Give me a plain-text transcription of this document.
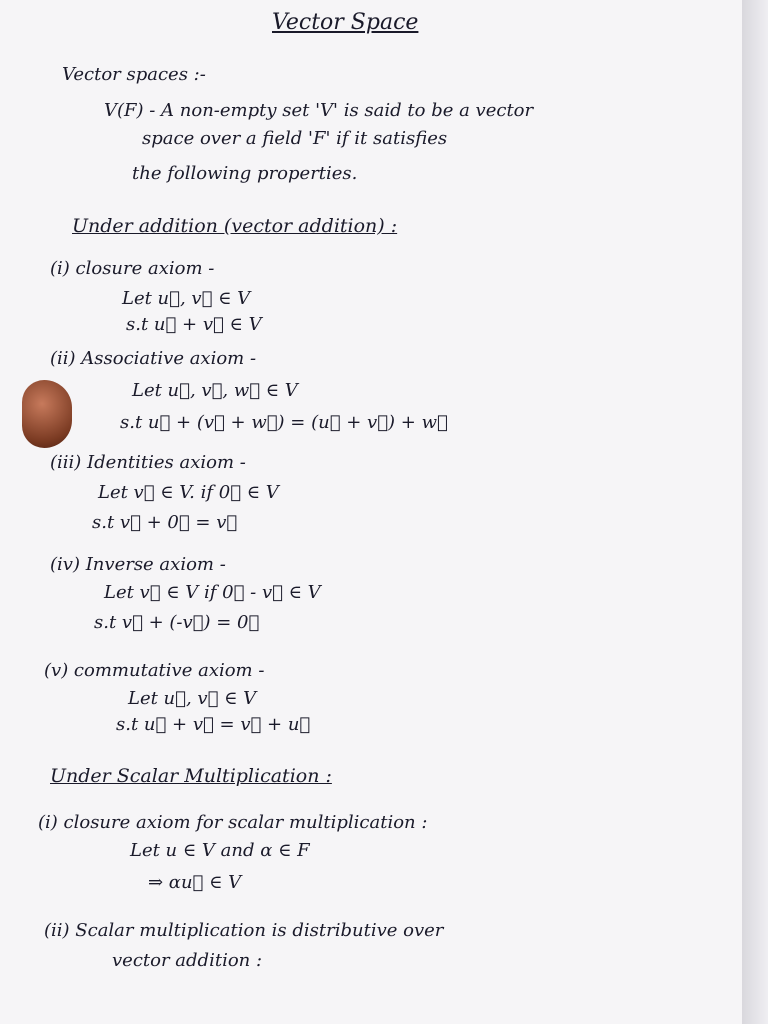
Vector Space
Vector spaces :-
V(F) - A non-empty set 'V' is said to be a vector
space over a field 'F' if it satisfies
the following properties.
Under addition (vector addition) :
(i) closure axiom -
Let u⃗, v⃗ ∈ V
s.t u⃗ + v⃗ ∈ V
(ii) Associative axiom -
Let u⃗, v⃗, w⃗ ∈ V
s.t u⃗ + (v⃗ + w⃗) = (u⃗ + v⃗) + w⃗
(iii) Identities axiom -
Let v⃗ ∈ V. if 0⃗ ∈ V
s.t v⃗ + 0⃗ = v⃗
(iv) Inverse axiom -
Let v⃗ ∈ V if 0⃗ - v⃗ ∈ V
s.t v⃗ + (-v⃗) = 0⃗
(v) commutative axiom -
Let u⃗, v⃗ ∈ V
s.t u⃗ + v⃗ = v⃗ + u⃗
Under Scalar Multiplication :
(i) closure axiom for scalar multiplication :
Let u ∈ V and α ∈ F
⇒ αu⃗ ∈ V
(ii) Scalar multiplication is distributive over
vector addition :
